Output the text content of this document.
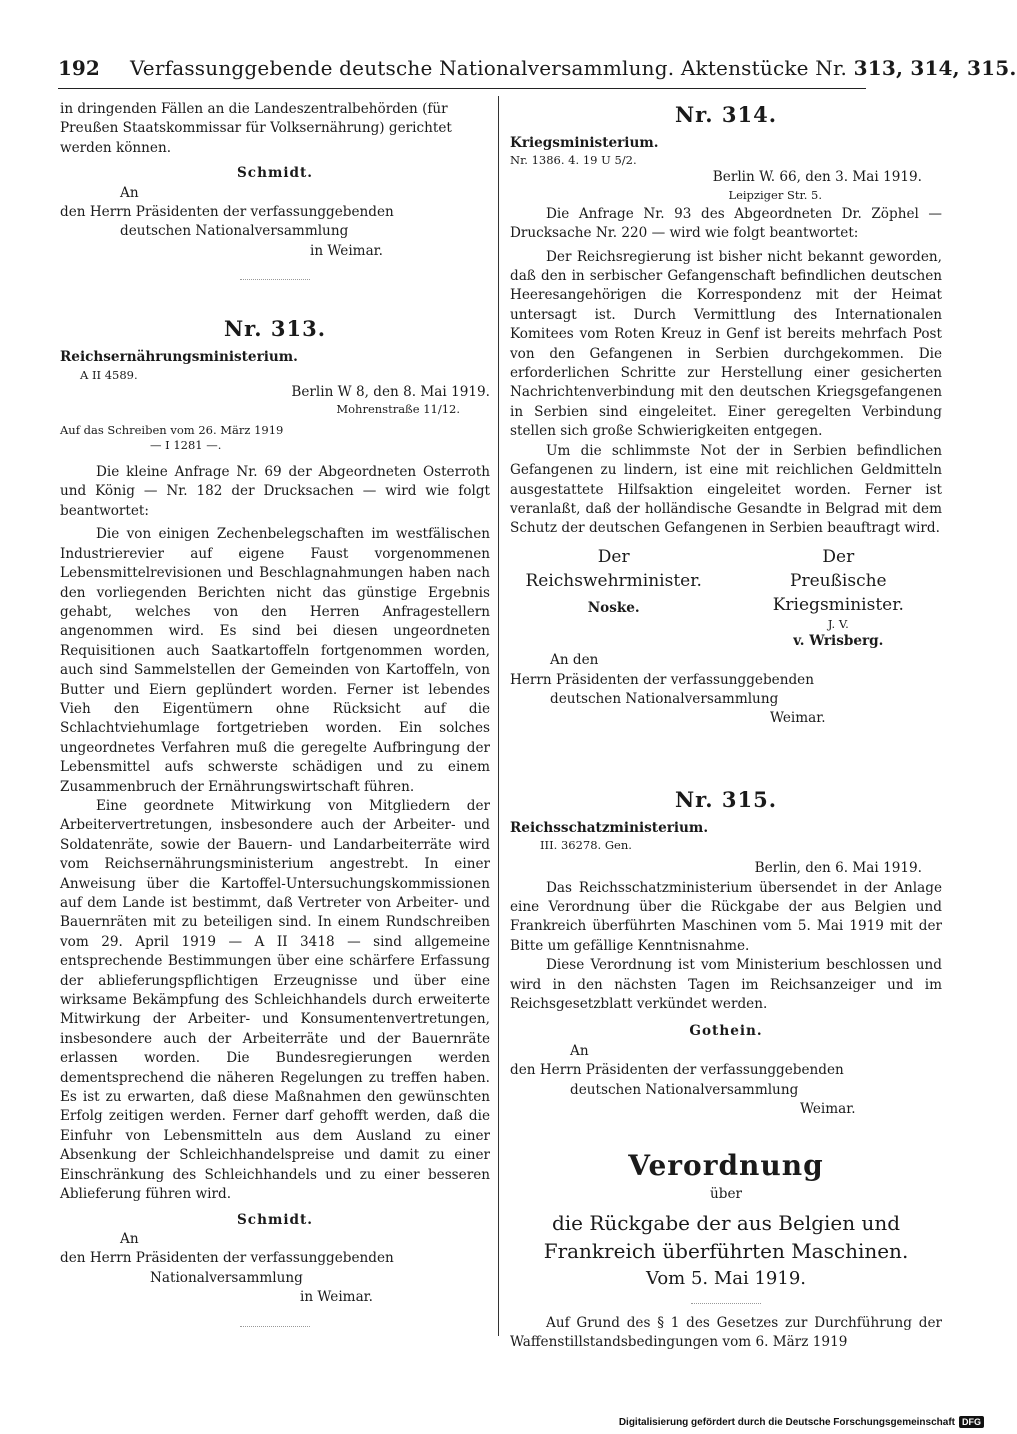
192 Verfassunggebende deutsche Nationalversammlung. Aktenstücke Nr. 313, 314, 315.

in dringenden Fällen an die Landeszentralbehörden (für

Preußen Staatskommissar für Volksernährung) gerichtet

werden können.

Schmidt.

An

den Herrn Präsidenten der verfassunggebenden

deutschen Nationalversammlung

in Weimar.

Nr. 313.

Reichsernährungsministerium.

A II 4589.

Berlin W 8, den 8. Mai 1919.

Mohrenstraße 11/12.

Auf das Schreiben vom 26. März 1919

— I 1281 —.

Die kleine Anfrage Nr. 69 der Abgeordneten Osterroth und König — Nr. 182 der Drucksachen — wird wie folgt beantwortet:

Die von einigen Zechenbelegschaften im westfälischen Industrierevier auf eigene Faust vorgenommenen Lebensmittelrevisionen und Beschlagnahmungen haben nach den vorliegenden Berichten nicht das günstige Ergebnis gehabt, welches von den Herren Anfragestellern angenommen wird. Es sind bei diesen ungeordneten Requisitionen auch Saatkartoffeln fortgenommen worden, auch sind Sammelstellen der Gemeinden von Kartoffeln, von Butter und Eiern geplündert worden. Ferner ist lebendes Vieh den Eigentümern ohne Rücksicht auf die Schlachtviehumlage fortgetrieben worden. Ein solches ungeordnetes Verfahren muß die geregelte Aufbringung der Lebensmittel aufs schwerste schädigen und zu einem Zusammenbruch der Ernährungswirtschaft führen.

Eine geordnete Mitwirkung von Mitgliedern der Arbeitervertretungen, insbesondere auch der Arbeiter- und Soldatenräte, sowie der Bauern- und Landarbeiterräte wird vom Reichsernährungsministerium angestrebt. In einer Anweisung über die Kartoffel-Untersuchungskommissionen auf dem Lande ist bestimmt, daß Vertreter von Arbeiter- und Bauernräten mit zu beteiligen sind. In einem Rundschreiben vom 29. April 1919 — A II 3418 — sind allgemeine entsprechende Bestimmungen über eine schärfere Erfassung der ablieferungspflichtigen Erzeugnisse und über eine wirksame Bekämpfung des Schleichhandels durch erweiterte Mitwirkung der Arbeiter- und Konsumentenvertretungen, insbesondere auch der Arbeiterräte und der Bauernräte erlassen worden. Die Bundesregierungen werden dementsprechend die näheren Regelungen zu treffen haben. Es ist zu erwarten, daß diese Maßnahmen den gewünschten Erfolg zeitigen werden. Ferner darf gehofft werden, daß die Einfuhr von Lebensmitteln aus dem Ausland zu einer Absenkung der Schleichhandelspreise und damit zu einer Einschränkung des Schleichhandels und zu einer besseren Ablieferung führen wird.

Schmidt.

An

den Herrn Präsidenten der verfassunggebenden

Nationalversammlung

in Weimar.

Nr. 314.

Kriegsministerium.

Nr. 1386. 4. 19 U 5/2.

Berlin W. 66, den 3. Mai 1919.

Leipziger Str. 5.

Die Anfrage Nr. 93 des Abgeordneten Dr. Zöphel — Drucksache Nr. 220 — wird wie folgt beantwortet:

Der Reichsregierung ist bisher nicht bekannt geworden, daß den in serbischer Gefangenschaft befindlichen deutschen Heeresangehörigen die Korrespondenz mit der Heimat untersagt ist. Durch Vermittlung des Internationalen Komitees vom Roten Kreuz in Genf ist bereits mehrfach Post von den Gefangenen in Serbien durchgekommen. Die erforderlichen Schritte zur Herstellung einer gesicherten Nachrichtenverbindung mit den deutschen Kriegsgefangenen in Serbien sind eingeleitet. Einer geregelten Verbindung stellen sich große Schwierigkeiten entgegen.

Um die schlimmste Not der in Serbien befindlichen Gefangenen zu lindern, ist eine mit reichlichen Geldmitteln ausgestattete Hilfsaktion eingeleitet worden. Ferner ist veranlaßt, daß der holländische Gesandte in Belgrad mit dem Schutz der deutschen Gefangenen in Serbien beauftragt wird.

Der

Reichswehrminister.

Noske.

Der

Preußische Kriegsminister.

J. V.

v. Wrisberg.

An den

Herrn Präsidenten der verfassunggebenden

deutschen Nationalversammlung

Weimar.

Nr. 315.

Reichsschatzministerium.

III. 36278. Gen.

Berlin, den 6. Mai 1919.

Das Reichsschatzministerium übersendet in der Anlage eine Verordnung über die Rückgabe der aus Belgien und Frankreich überführten Maschinen vom 5. Mai 1919 mit der Bitte um gefällige Kenntnisnahme.

Diese Verordnung ist vom Ministerium beschlossen und wird in den nächsten Tagen im Reichsanzeiger und im Reichsgesetzblatt verkündet werden.

Gothein.

An

den Herrn Präsidenten der verfassunggebenden

deutschen Nationalversammlung

Weimar.

Verordnung

über

die Rückgabe der aus Belgien und Frankreich überführten Maschinen.

Vom 5. Mai 1919.

Auf Grund des § 1 des Gesetzes zur Durchführung der Waffenstillstandsbedingungen vom 6. März 1919

Digitalisierung gefördert durch die Deutsche Forschungsgemeinschaft DFG
